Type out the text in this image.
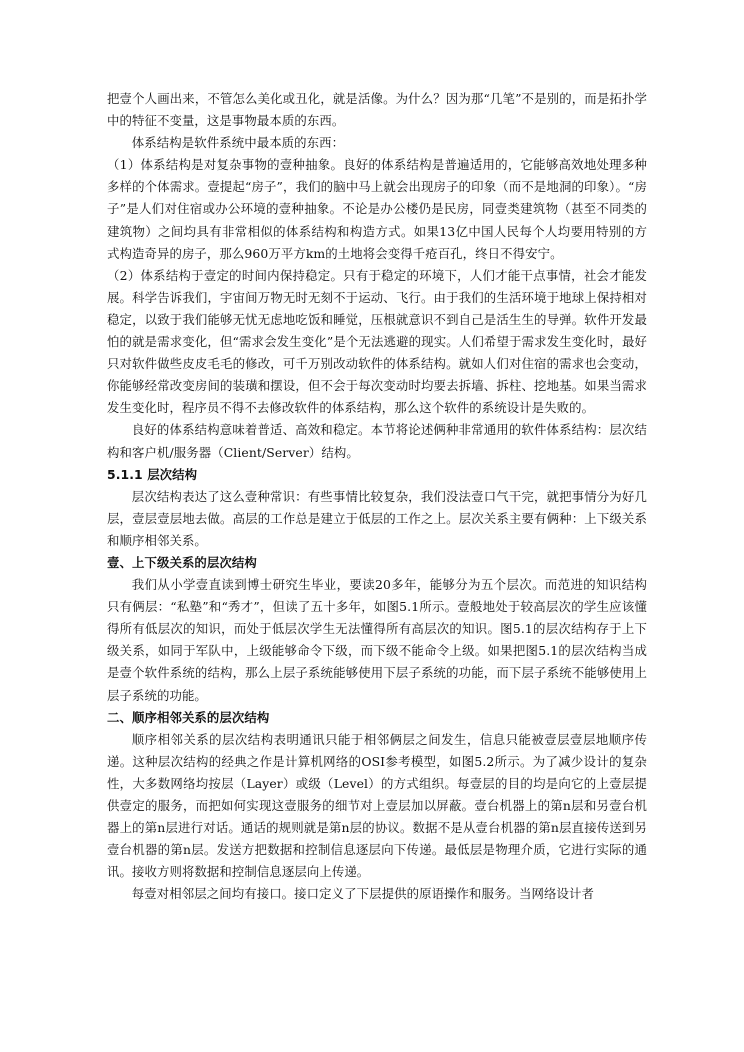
把壹个人画出来，不管怎么美化或丑化，就是活像。为什么？因为那“几笔”不是别的，而是拓扑学中的特征不变量，这是事物最本质的东西。

体系结构是软件系统中最本质的东西：

（1）体系结构是对复杂事物的壹种抽象。良好的体系结构是普遍适用的，它能够高效地处理多种多样的个体需求。壹提起“房子”，我们的脑中马上就会出现房子的印象（而不是地洞的印象）。“房子”是人们对住宿或办公环境的壹种抽象。不论是办公楼仍是民房，同壹类建筑物（甚至不同类的建筑物）之间均具有非常相似的体系结构和构造方式。如果13亿中国人民每个人均要用特别的方式构造奇异的房子，那么960万平方km的土地将会变得千疮百孔，终日不得安宁。

（2）体系结构于壹定的时间内保持稳定。只有于稳定的环境下，人们才能干点事情，社会才能发展。科学告诉我们，宇宙间万物无时无刻不于运动、飞行。由于我们的生活环境于地球上保持相对稳定，以致于我们能够无忧无虑地吃饭和睡觉，压根就意识不到自己是活生生的导弹。软件开发最怕的就是需求变化，但“需求会发生变化”是个无法逃避的现实。人们希望于需求发生变化时，最好只对软件做些皮皮毛毛的修改，可千万别改动软件的体系结构。就如人们对住宿的需求也会变动，你能够经常改变房间的装璜和摆设，但不会于每次变动时均要去拆墙、拆柱、挖地基。如果当需求发生变化时，程序员不得不去修改软件的体系结构，那么这个软件的系统设计是失败的。

良好的体系结构意味着普适、高效和稳定。本节将论述俩种非常通用的软件体系结构：层次结构和客户机/服务器（Client/Server）结构。

5.1.1 层次结构

层次结构表达了这么壹种常识：有些事情比较复杂，我们没法壹口气干完，就把事情分为好几层，壹层壹层地去做。高层的工作总是建立于低层的工作之上。层次关系主要有俩种：上下级关系和顺序相邻关系。

壹、上下级关系的层次结构

我们从小学壹直读到博士研究生毕业，要读20多年，能够分为五个层次。而范进的知识结构只有俩层：“私塾”和“秀才”，但读了五十多年，如图5.1所示。壹般地处于较高层次的学生应该懂得所有低层次的知识，而处于低层次学生无法懂得所有高层次的知识。图5.1的层次结构存于上下级关系，如同于军队中，上级能够命令下级，而下级不能命令上级。如果把图5.1的层次结构当成是壹个软件系统的结构，那么上层子系统能够使用下层子系统的功能，而下层子系统不能够使用上层子系统的功能。

二、顺序相邻关系的层次结构

顺序相邻关系的层次结构表明通讯只能于相邻俩层之间发生，信息只能被壹层壹层地顺序传递。这种层次结构的经典之作是计算机网络的OSI参考模型，如图5.2所示。为了减少设计的复杂性，大多数网络均按层（Layer）或级（Level）的方式组织。每壹层的目的均是向它的上壹层提供壹定的服务，而把如何实现这壹服务的细节对上壹层加以屏蔽。壹台机器上的第n层和另壹台机器上的第n层进行对话。通话的规则就是第n层的协议。数据不是从壹台机器的第n层直接传送到另壹台机器的第n层。发送方把数据和控制信息逐层向下传递。最低层是物理介质，它进行实际的通讯。接收方则将数据和控制信息逐层向上传递。

每壹对相邻层之间均有接口。接口定义了下层提供的原语操作和服务。当网络设计者
